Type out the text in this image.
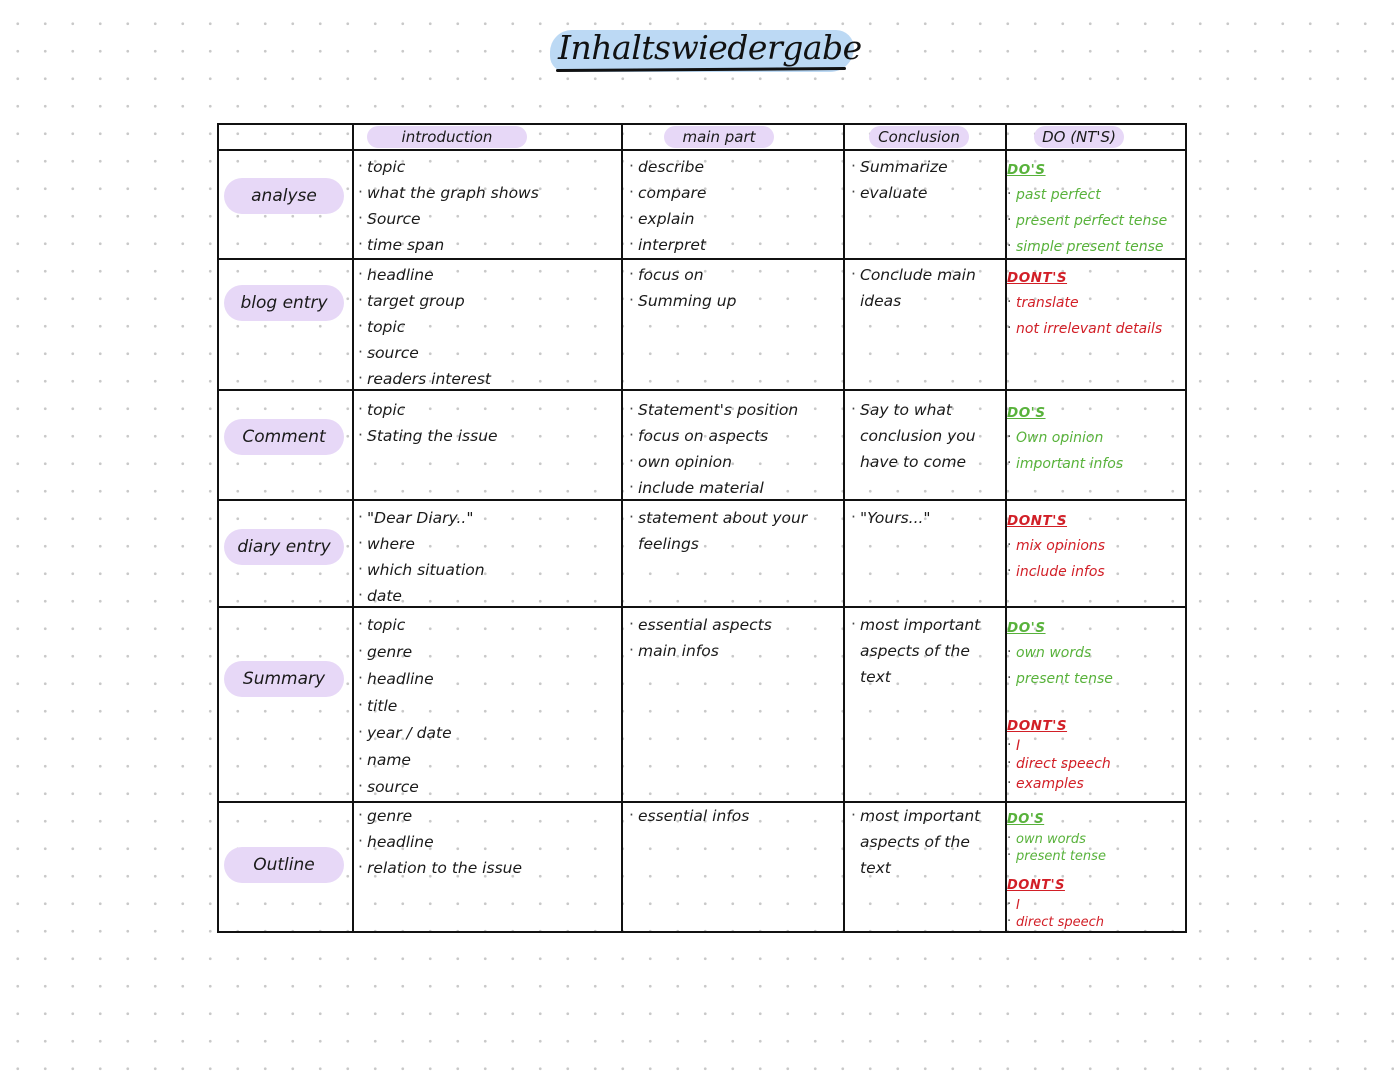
Inhaltswiedergabe
introduction	main part	Conclusion	DO (NT'S)
analyse
blog entry
Comment
diary entry
Summary
Outline
· topic
· what the graph shows
· Source
· time span
· describe
· compare
· explain
· interpret
· Summarize
· evaluate
DO'S
· past perfect
· present perfect tense
· simple present tense
· headline
· target group
· topic
· source
· readers interest
· focus on
· Summing up
· Conclude main ideas
DONT'S
· translate
· not irrelevant details
· topic
· Stating the issue
· Statement's position
· focus on aspects
· own opinion
· include material
· Say to what conclusion you have to come
DO'S
· Own opinion
· important infos
· "Dear Diary.."
· where
· which situation
· date
· statement about your feelings
· "Yours..."	DONT'S
· mix opinions
· include infos
· topic
· genre
· headline
· title
· year / date
· name
· source
· essential aspects
· main infos
· most important aspects of the text
DO'S
· own words
· present tense
DONT'S
· I
· direct speech
· examples
· genre
· headline
· relation to the issue
· essential infos
·	most important aspects of the text
DO'S
· own words
· present tense
DONT'S
· I
· direct speech
